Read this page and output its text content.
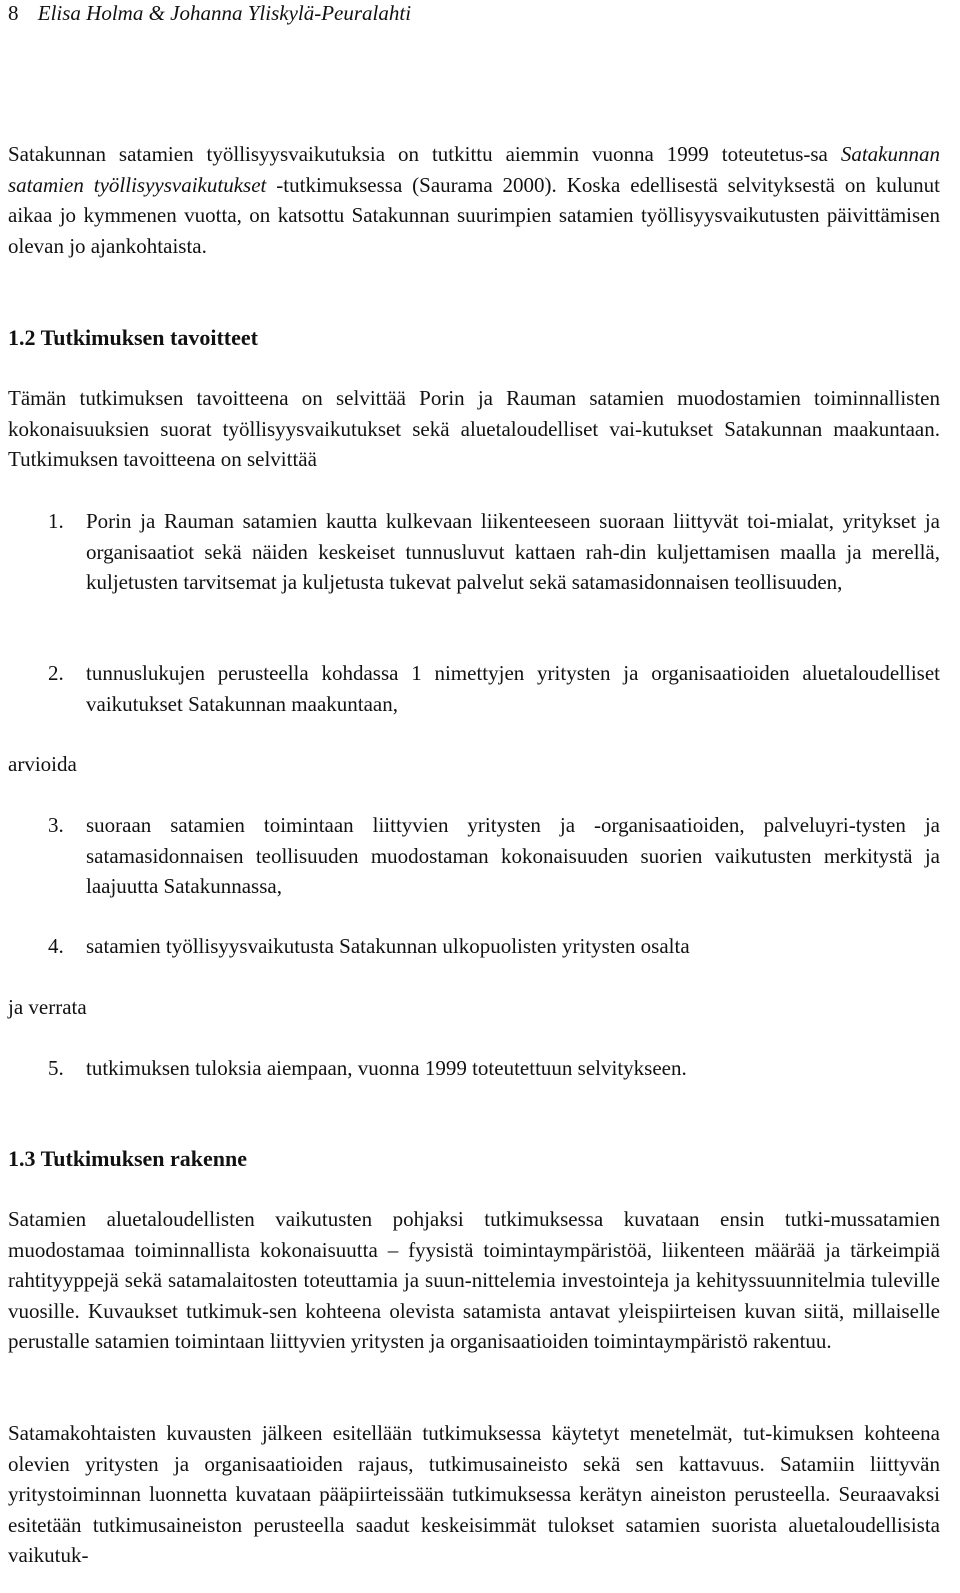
8 Elisa Holma & Johanna Yliskylä-Peuralahti

Satakunnan satamien työllisyysvaikutuksia on tutkittu aiemmin vuonna 1999 toteutetus-sa Satakunnan satamien työllisyysvaikutukset -tutkimuksessa (Saurama 2000). Koska edellisestä selvityksestä on kulunut aikaa jo kymmenen vuotta, on katsottu Satakunnan suurimpien satamien työllisyysvaikutusten päivittämisen olevan jo ajankohtaista.

1.2 Tutkimuksen tavoitteet

Tämän tutkimuksen tavoitteena on selvittää Porin ja Rauman satamien muodostamien toiminnallisten kokonaisuuksien suorat työllisyysvaikutukset sekä aluetaloudelliset vai-kutukset Satakunnan maakuntaan. Tutkimuksen tavoitteena on selvittää

1. Porin ja Rauman satamien kautta kulkevaan liikenteeseen suoraan liittyvät toi-mialat, yritykset ja organisaatiot sekä näiden keskeiset tunnusluvut kattaen rah-din kuljettamisen maalla ja merellä, kuljetusten tarvitsemat ja kuljetusta tukevat palvelut sekä satamasidonnaisen teollisuuden,

2. tunnuslukujen perusteella kohdassa 1 nimettyjen yritysten ja organisaatioiden aluetaloudelliset vaikutukset Satakunnan maakuntaan,

arvioida
3. suoraan satamien toimintaan liittyvien yritysten ja -organisaatioiden, palveluyri-tysten ja satamasidonnaisen teollisuuden muodostaman kokonaisuuden suorien vaikutusten merkitystä ja laajuutta Satakunnassa,

4. satamien työllisyysvaikutusta Satakunnan ulkopuolisten yritysten osalta

ja verrata
5. tutkimuksen tuloksia aiempaan, vuonna 1999 toteutettuun selvitykseen.

1.3 Tutkimuksen rakenne

Satamien aluetaloudellisten vaikutusten pohjaksi tutkimuksessa kuvataan ensin tutki-mussatamien muodostamaa toiminnallista kokonaisuutta – fyysistä toimintaympäristöä, liikenteen määrää ja tärkeimpiä rahtityyppejä sekä satamalaitosten toteuttamia ja suun-nittelemia investointeja ja kehityssuunnitelmia tuleville vuosille. Kuvaukset tutkimuk-sen kohteena olevista satamista antavat yleispiirteisen kuvan siitä, millaiselle perustalle satamien toimintaan liittyvien yritysten ja organisaatioiden toimintaympäristö rakentuu.

Satamakohtaisten kuvausten jälkeen esitellään tutkimuksessa käytetyt menetelmät, tut-kimuksen kohteena olevien yritysten ja organisaatioiden rajaus, tutkimusaineisto sekä sen kattavuus. Satamiin liittyvän yritystoiminnan luonnetta kuvataan pääpiirteissään tutkimuksessa kerätyn aineiston perusteella. Seuraavaksi esitetään tutkimusaineiston perusteella saadut keskeisimmät tulokset satamien suorista aluetaloudellisista vaikutuk-
